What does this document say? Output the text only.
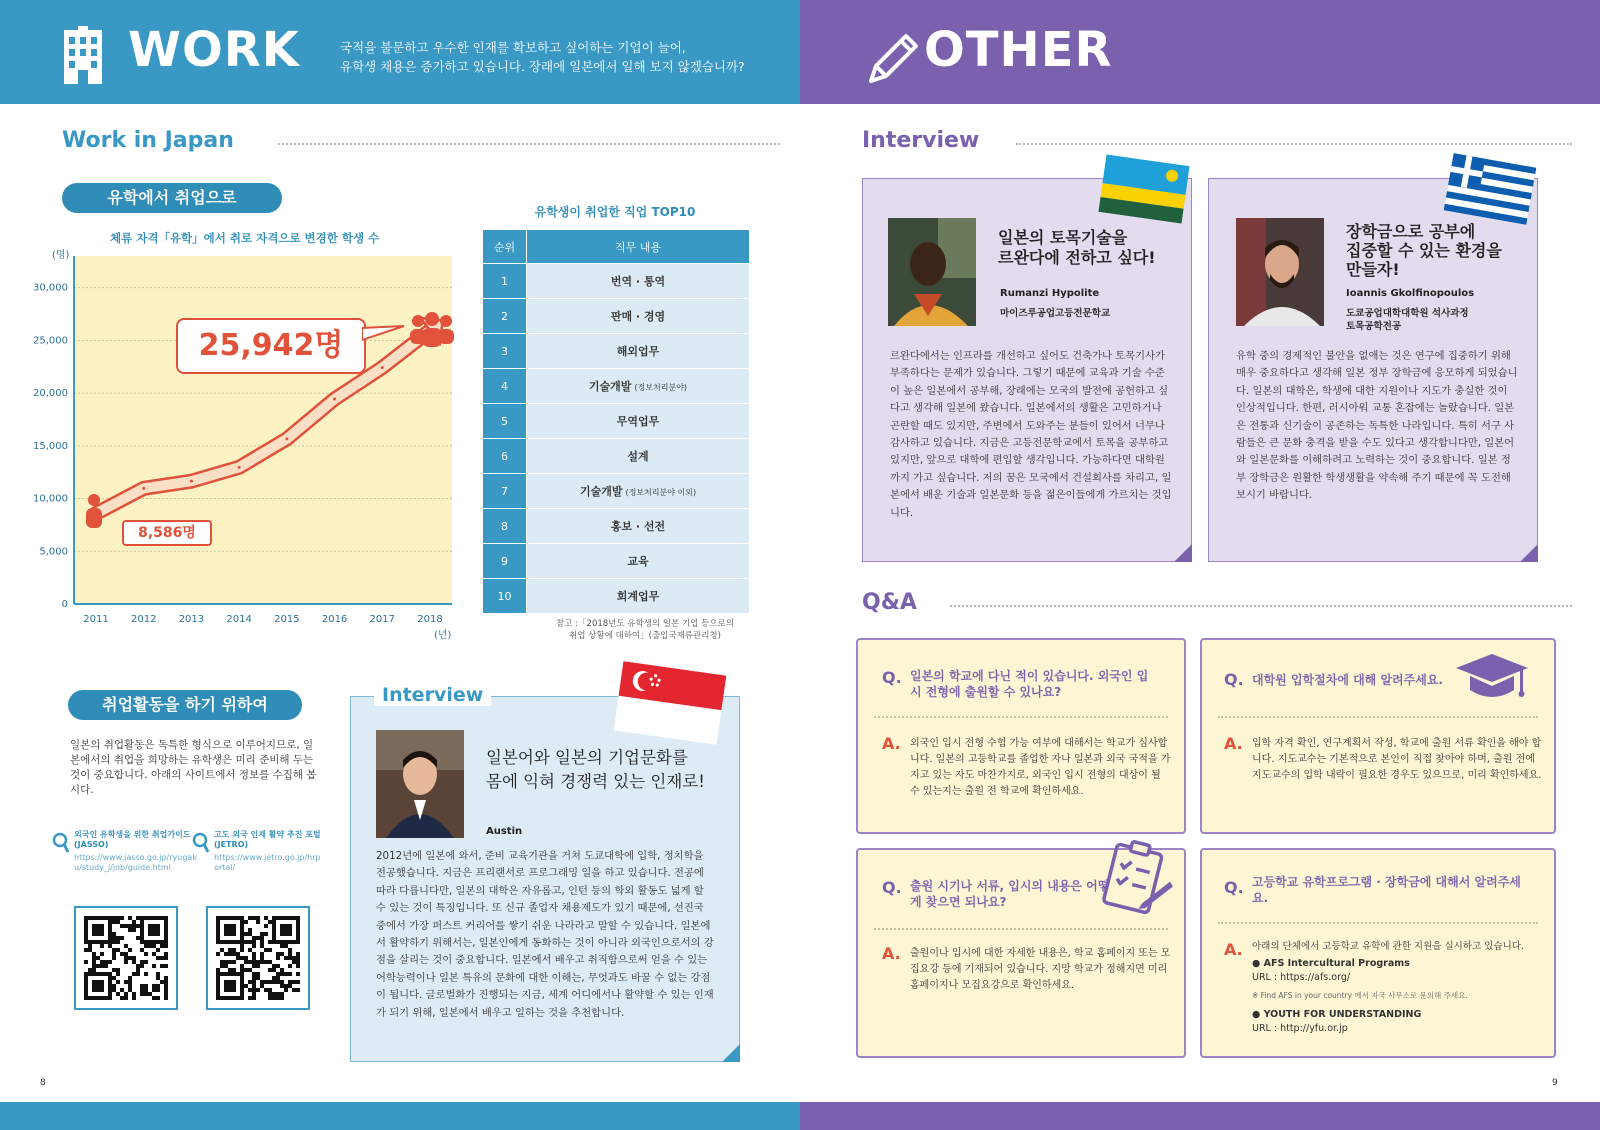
WORK	국적을 불문하고 우수한 인재를 확보하고 싶어하는 기업이 늘어,
유학생 채용은 증가하고 있습니다. 장래에 일본에서 일해 보지 않겠습니까?	OTHER
Work in Japan
유학에서 취업으로
체류 자격「유학」에서 취로 자격으로 변경한 학생 수
0
5,000
10,000
15,000
20,000
25,000
30,000
(명)
2011 2012 2013 2014 2015 2016 2017 2018
(년)
25,942명
8,586명
유학생이 취업한 직업 TOP10
순위	직무 내용
1	번역 · 통역
2	판매 · 경영
3	해외업무
4	기술개발 (정보처리분야)
5	무역업무
6	설계
7	기술개발 (정보처리분야 이외)
8	홍보 · 선전
9	교육
10	회계업무
참고 :「2018년도 유학생의 일본 기업 등으로의
취업 상황에 대하여」(출입국재류관리청)
취업활동을 하기 위하여
일본의 취업활동은 독특한 형식으로 이루어지므로, 일본에서의 취업을 희망하는 유학생은 미리 준비해 두는 것이 중요합니다. 아래의 사이트에서 정보를 수집해 봅시다.
외국인 유학생을 위한 취업가이드(JASSO)
https://www.jasso.go.jp/ryugaku/study_j/job/guide.html
고도 외국 인재 활약 추진 포털 (JETRO)
https://www.jetro.go.jp/hrportal/
Interview
일본어와 일본의 기업문화를
몸에 익혀 경쟁력 있는 인재로!
Austin
2012년에 일본에 와서, 준비 교육기관을 거쳐 도쿄대학에 입학, 정치학을 전공했습니다. 지금은 프리랜서로 프로그래밍 일을 하고 있습니다. 전공에 따라 다릅니다만, 일본의 대학은 자유롭고, 인턴 등의 학외 활동도 넓게 할 수 있는 것이 특징입니다. 또 신규 졸업자 채용제도가 있기 때문에, 선진국 중에서 가장 퍼스트 커리어를 쌓기 쉬운 나라라고 말할 수 있습니다. 일본에서 활약하기 위해서는, 일본인에게 동화하는 것이 아니라 외국인으로서의 강점을 살리는 것이 중요합니다. 일본에서 배우고 취직함으로써 얻을 수 있는 어학능력이나 일본 특유의 문화에 대한 이해는, 무엇과도 바꿀 수 없는 강점이 됩니다. 글로벌화가 진행되는 지금, 세계 어디에서나 활약할 수 있는 인재가 되기 위해, 일본에서 배우고 일하는 것을 추천합니다.
8
Interview
일본의 토목기술을
르완다에 전하고 싶다!
Rumanzi Hypolite
마이즈루공업고등전문학교
르완다에서는 인프라를 개선하고 싶어도 건축가나 토목기사가 부족하다는 문제가 있습니다. 그렇기 때문에 교육과 기술 수준이 높은 일본에서 공부해, 장래에는 모국의 발전에 공헌하고 싶다고 생각해 일본에 왔습니다. 일본에서의 생활은 고민하거나 곤란할 때도 있지만, 주변에서 도와주는 분들이 있어서 너무나 감사하고 있습니다. 지금은 고등전문학교에서 토목을 공부하고 있지만, 앞으로 대학에 편입할 생각입니다. 가능하다면 대학원까지 가고 싶습니다. 저의 꿈은 모국에서 건설회사를 차리고, 일본에서 배운 기술과 일본문화 등을 젊은이들에게 가르치는 것입니다.
장학금으로 공부에
집중할 수 있는 환경을
만들자!
Ioannis Gkolfinopoulos
도쿄공업대학대학원 석사과정
토목공학전공
유학 중의 경제적인 불안을 없애는 것은 연구에 집중하기 위해 매우 중요하다고 생각해 일본 정부 장학금에 응모하게 되었습니다. 일본의 대학은, 학생에 대한 지원이나 지도가 충실한 것이 인상적입니다. 한편, 러시아워 교통 혼잡에는 놀랐습니다. 일본은 전통과 신기술이 공존하는 독특한 나라입니다. 특히 서구 사람들은 큰 문화 충격을 받을 수도 있다고 생각합니다만, 일본어와 일본문화를 이해하려고 노력하는 것이 중요합니다. 일본 정부 장학금은 원활한 학생생활을 약속해 주기 때문에 꼭 도전해 보시기 바랍니다.
Q&A
Q. 일본의 학교에 다닌 적이 있습니다. 외국인 입시 전형에 출원할 수 있나요?
A. 외국인 입시 전형 수험 가능 여부에 대해서는 학교가 심사합니다. 일본의 고등학교를 졸업한 자나 일본과 외국 국적을 가지고 있는 자도 마찬가지로, 외국인 입시 전형의 대상이 될 수 있는지는 출원 전 학교에 확인하세요.
Q. 대학원 입학절차에 대해 알려주세요.
A. 입학 자격 확인, 연구계획서 작성, 학교에 출원 서류 확인을 해야 합니다. 지도교수는 기본적으로 본인이 직접 찾아야 하며, 출원 전에 지도교수의 입학 내락이 필요한 경우도 있으므로, 미리 확인하세요.
Q. 출원 시기나 서류, 입시의 내용은 어떻게 찾으면 되나요?
A. 출원이나 입시에 대한 자세한 내용은, 학교 홈페이지 또는 모집요강 등에 기재되어 있습니다. 지망 학교가 정해지면 미리 홈페이지나 모집요강으로 확인하세요.
Q. 고등학교 유학프로그램 · 장학금에 대해서 알려주세요.
A. 아래의 단체에서 고등학교 유학에 관한 지원을 실시하고 있습니다.
● AFS Intercultural Programs
URL : https://afs.org/
※ Find AFS in your country 에서 자국 사무소로 문의해 주세요.
● YOUTH FOR UNDERSTANDING
URL : http://yfu.or.jp
9
